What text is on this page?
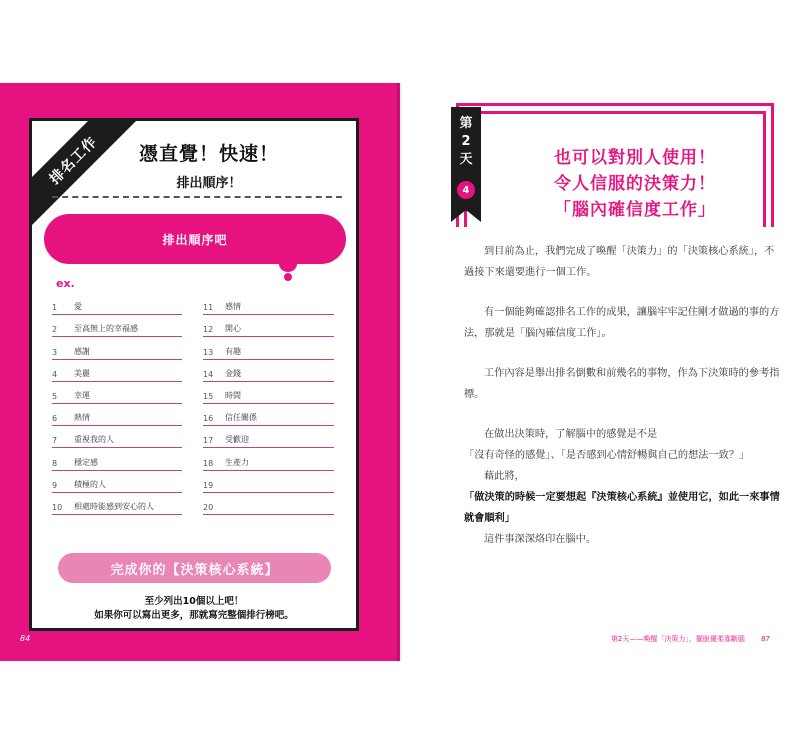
排名工作	憑直覺！快速！
排出順序！
排出順序吧
ex.
1	愛
2	至高無上的幸福感
3	感謝
4	美麗
5	幸運
6	熱情
7	重視我的人
8	穩定感
9	積極的人
10	相處時能感到安心的人
11	感情
12	開心
13	有趣
14	金錢
15	時間
16	信任關係
17	受歡迎
18	生產力
19
20
完成你的【決策核心系統】
至少列出10個以上吧！
如果你可以寫出更多，那就寫完整個排行榜吧。
84
第
2
天
4
也可以對別人使用！
令人信服的決策力！
「腦內確信度工作」

到目前為止，我們完成了喚醒「決策力」的「決策核心系統」，不過接下來還要進行一個工作。

有一個能夠確認排名工作的成果，讓腦牢牢記住剛才做過的事的方法，那就是「腦內確信度工作」。

工作內容是舉出排名倒數和前幾名的事物，作為下決策時的參考指標。

在做出決策時，了解腦中的感覺是不是

「沒有奇怪的感覺」、「是否感到心情舒暢與自己的想法一致？」

藉此將，

「做決策的時候一定要想起『決策核心系統』並使用它，如此一來事情就會順利」

這件事深深烙印在腦中。

第2天——喚醒「決策力」，擺脫優柔寡斷腦 87
